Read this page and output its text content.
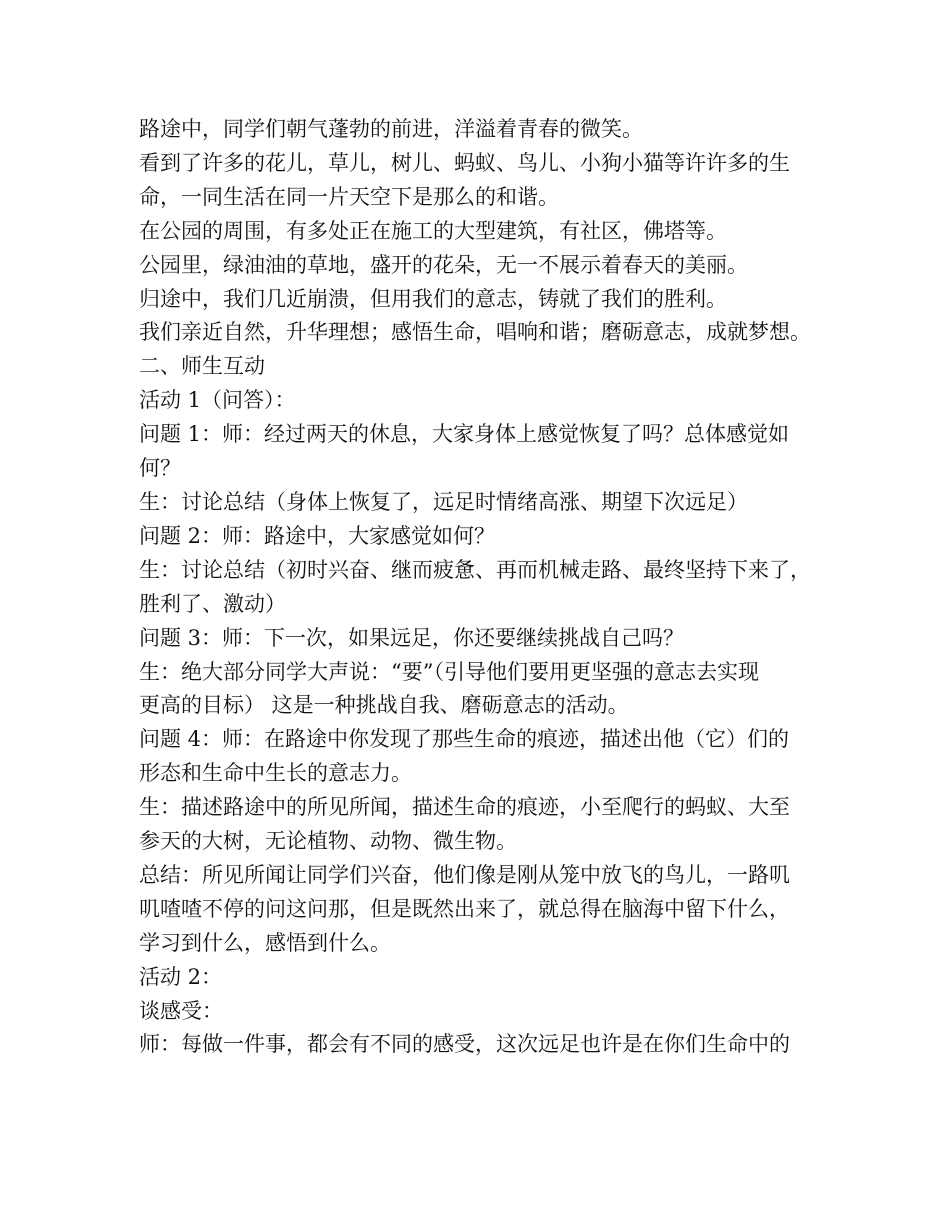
路途中，同学们朝气蓬勃的前进，洋溢着青春的微笑。

看到了许多的花儿，草儿，树儿、蚂蚁、鸟儿、小狗小猫等许许多的生
命，一同生活在同一片天空下是那么的和谐。

在公园的周围，有多处正在施工的大型建筑，有社区，佛塔等。

公园里，绿油油的草地，盛开的花朵，无一不展示着春天的美丽。

归途中，我们几近崩溃，但用我们的意志，铸就了我们的胜利。

我们亲近自然，升华理想；感悟生命，唱响和谐；磨砺意志，成就梦想。

二、师生互动

活动 1（问答）：

问题 1：师：经过两天的休息，大家身体上感觉恢复了吗？总体感觉如
何？

生：讨论总结（身体上恢复了，远足时情绪高涨、期望下次远足）

问题 2：师：路途中，大家感觉如何？

生：讨论总结（初时兴奋、继而疲惫、再而机械走路、最终坚持下来了，
胜利了、激动）

问题 3：师：下一次，如果远足，你还要继续挑战自己吗？

生：绝大部分同学大声说：“要”（引导他们要用更坚强的意志去实现
更高的目标） 这是一种挑战自我、磨砺意志的活动。

问题 4：师：在路途中你发现了那些生命的痕迹，描述出他（它）们的
形态和生命中生长的意志力。

生：描述路途中的所见所闻，描述生命的痕迹，小至爬行的蚂蚁、大至
参天的大树，无论植物、动物、微生物。

总结：所见所闻让同学们兴奋，他们像是刚从笼中放飞的鸟儿，一路叽
叽喳喳不停的问这问那，但是既然出来了，就总得在脑海中留下什么，
学习到什么，感悟到什么。

活动 2：

谈感受：

师：每做一件事，都会有不同的感受，这次远足也许是在你们生命中的
